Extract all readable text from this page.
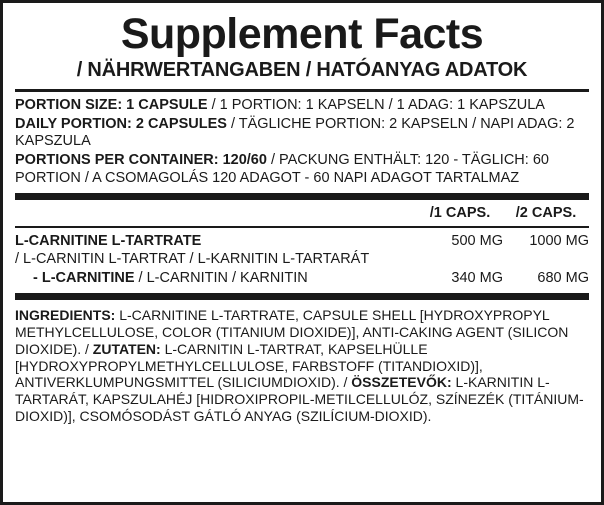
Supplement Facts
/ NÄHRWERTANGABEN / HATÓANYAG ADATOK
PORTION SIZE: 1 CAPSULE / 1 PORTION: 1 KAPSELN / 1 ADAG: 1 KAPSZULA
DAILY PORTION: 2 CAPSULES / TÄGLICHE PORTION: 2 KAPSELN / NAPI ADAG: 2 KAPSZULA
PORTIONS PER CONTAINER: 120/60 / PACKUNG ENTHÄLT: 120 - TÄGLICH: 60 PORTION / A CSOMAGOLÁS 120 ADAGOT - 60 NAPI ADAGOT TARTALMAZ
/1 CAPS.	/2 CAPS.
L-CARNITINE L-TARTRATE	500 MG	1000 MG
/ L-CARNITIN L-TARTRAT / L-KARNITIN L-TARTARÁT
- L-CARNITINE / L-CARNITIN / KARNITIN	340 MG	680 MG
INGREDIENTS: L-CARNITINE L-TARTRATE, CAPSULE SHELL [HYDROXYPROPYL METHYLCELLULOSE, COLOR (TITANIUM DIOXIDE)], ANTI-CAKING AGENT (SILICON DIOXIDE). / ZUTATEN: L-CARNITIN L-TARTRAT, KAPSELHÜLLE [HYDROXYPROPYLMETHYLCELLULOSE, FARBSTOFF (TITANDIOXID)], ANTIVERKLUMPUNGSMITTEL (SILICIUMDIOXID). / ÖSSZETEVŐK: L-KARNITIN L-TARTARÁT, KAPSZULAHÉJ [HIDROXIPROPIL-METILCELLULÓZ, SZÍNEZÉK (TITÁNIUM-DIOXID)], CSOMÓSODÁST GÁTLÓ ANYAG (SZILÍCIUM-DIOXID).
